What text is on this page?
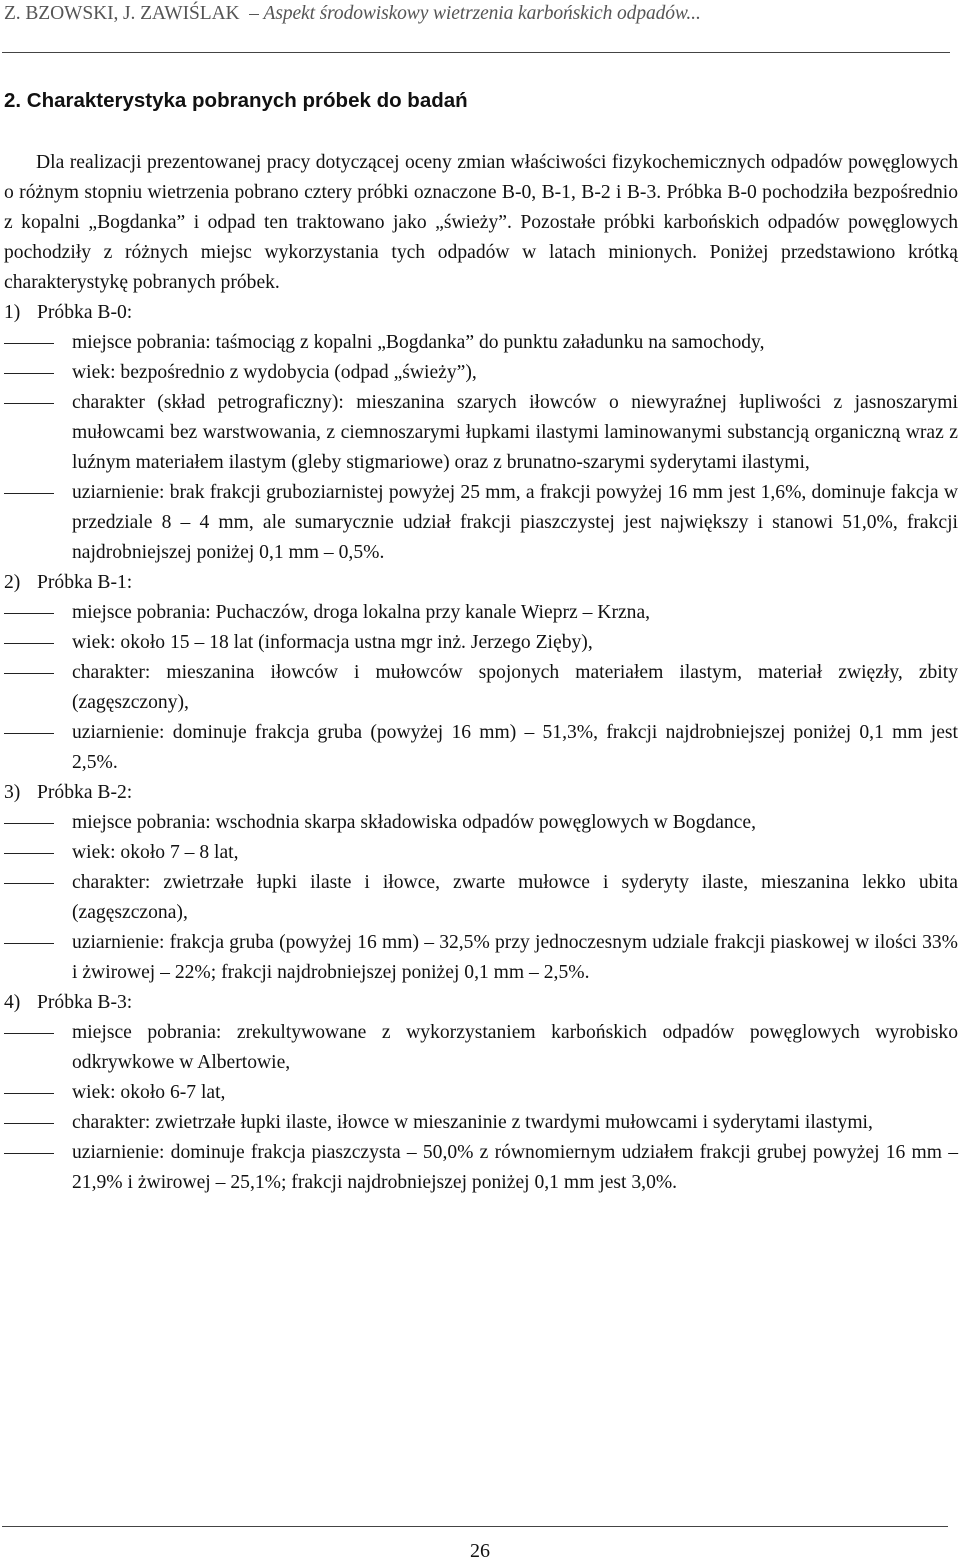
Z. BZOWSKI, J. ZAWIŚLAK  – Aspekt środowiskowy wietrzenia karbońskich odpadów...
2. Charakterystyka pobranych próbek do badań

Dla realizacji prezentowanej pracy dotyczącej oceny zmian właściwości fizykochemicznych odpadów powęglowych o różnym stopniu wietrzenia pobrano cztery próbki oznaczone B-0, B-1, B-2 i B-3. Próbka B-0 pochodziła bezpośrednio z kopalni „Bogdanka” i odpad ten traktowano jako „świeży”. Pozostałe próbki karbońskich odpadów powęglowych pochodziły z różnych miejsc wykorzystania tych odpadów w latach minionych. Poniżej przedstawiono krótką charakterystykę pobranych próbek.

1) Próbka B-0:

miejsce pobrania: taśmociąg z kopalni „Bogdanka” do punktu załadunku na samochody,
wiek: bezpośrednio z wydobycia (odpad „świeży”),
charakter (skład petrograficzny): mieszanina szarych iłowców o niewyraźnej łupliwości z jasnoszarymi mułowcami bez warstwowania, z ciemnoszarymi łupkami ilastymi laminowanymi substancją organiczną wraz z luźnym materiałem ilastym (gleby stigmariowe) oraz z brunatno-szarymi syderytami ilastymi,
uziarnienie: brak frakcji gruboziarnistej powyżej 25 mm, a frakcji powyżej 16 mm jest 1,6%, dominuje fakcja w przedziale 8 – 4 mm, ale sumarycznie udział frakcji piaszczystej jest największy i stanowi 51,0%, frakcji najdrobniejszej poniżej 0,1 mm – 0,5%.

2) Próbka B-1:

miejsce pobrania: Puchaczów, droga lokalna przy kanale Wieprz – Krzna,
wiek: około 15 – 18 lat (informacja ustna mgr inż. Jerzego Zięby),
charakter: mieszanina iłowców i mułowców spojonych materiałem ilastym, materiał zwięzły, zbity (zagęszczony),
uziarnienie: dominuje frakcja gruba (powyżej 16 mm) – 51,3%, frakcji najdrobniejszej poniżej 0,1 mm jest 2,5%.

3) Próbka B-2:

miejsce pobrania: wschodnia skarpa składowiska odpadów powęglowych w Bogdance,
wiek: około 7 – 8 lat,
charakter: zwietrzałe łupki ilaste i iłowce, zwarte mułowce i syderyty ilaste, mieszanina lekko ubita (zagęszczona),
uziarnienie: frakcja gruba (powyżej 16 mm) – 32,5% przy jednoczesnym udziale frakcji piaskowej w ilości 33% i żwirowej – 22%; frakcji najdrobniejszej poniżej 0,1 mm – 2,5%.

4) Próbka B-3:

miejsce pobrania: zrekultywowane z wykorzystaniem karbońskich odpadów powęglowych wyrobisko odkrywkowe w Albertowie,
wiek: około 6-7 lat,
charakter: zwietrzałe łupki ilaste, iłowce w mieszaninie z twardymi mułowcami i syderytami ilastymi,
uziarnienie: dominuje frakcja piaszczysta – 50,0% z równomiernym udziałem frakcji grubej powyżej 16 mm – 21,9% i żwirowej – 25,1%; frakcji najdrobniejszej poniżej 0,1 mm jest 3,0%.
26
